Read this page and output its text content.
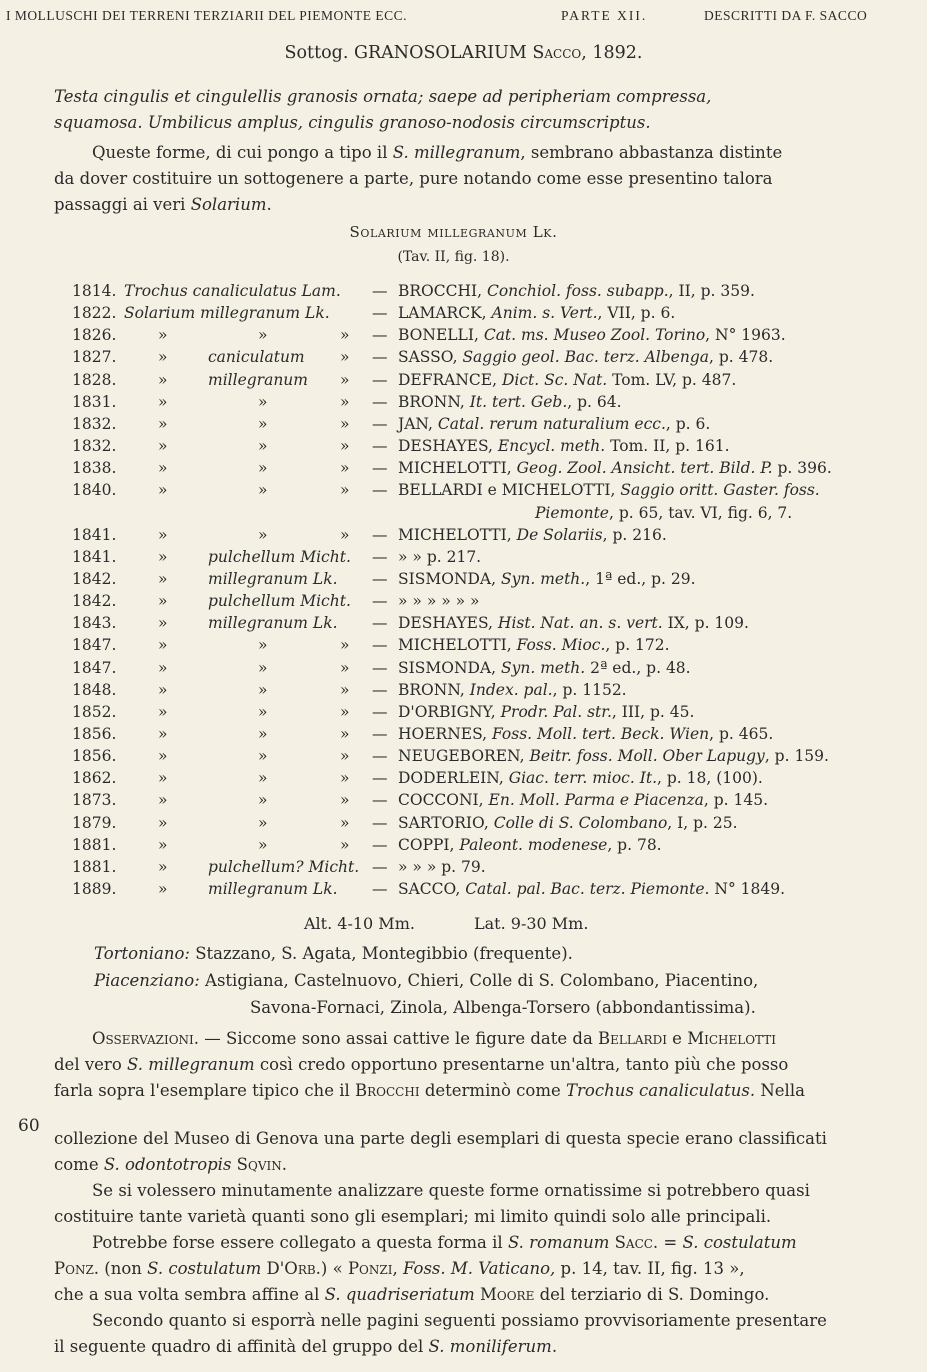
I MOLLUSCHI DEI TERRENI TERZIARII DEL PIEMONTE ECC.	PARTE XII.	DESCRITTI DA F. SACCO
Sottog. GRANOSOLARIUM Sacco, 1892.
Testa cingulis et cingulellis granosis ornata; saepe ad peripheriam compressa,
squamosa. Umbilicus amplus, cingulis granoso-nodosis circumscriptus.
Queste forme, di cui pongo a tipo il S. millegranum, sembrano abbastanza distinte
da dover costituire un sottogenere a parte, pure notando come esse presentino talora
passaggi ai veri Solarium.
Solarium millegranum Lk.
(Tav. II, fig. 18).
1814. Trochus canaliculatus Lam. — BROCCHI, Conchiol. foss. subapp., II, p. 359.
1822. Solarium millegranum Lk.	— LAMARCK, Anim. s. Vert., VII, p. 6.
1826.	»	»	» — BONELLI, Cat. ms. Museo Zool. Torino, N° 1963.
1827.	»	caniculatum » — SASSO, Saggio geol. Bac. terz. Albenga, p. 478.
1828.	»	millegranum » — DEFRANCE, Dict. Sc. Nat. Tom. LV, p. 487.
1831.	»	»	» — BRONN, It. tert. Geb., p. 64.
1832.	»	»	» — JAN, Catal. rerum naturalium ecc., p. 6.
1832.	»	»	» — DESHAYES, Encycl. meth. Tom. II, p. 161.
1838.	»	»	» — MICHELOTTI, Geog. Zool. Ansicht. tert. Bild. P. p. 396.
1840.	»	»	» — BELLARDI e MICHELOTTI, Saggio oritt. Gaster. foss.
Piemonte, p. 65, tav. VI, fig. 6, 7.
1841.	»	»	» — MICHELOTTI, De Solariis, p. 216.
1841.	»	pulchellum Micht. — » » p. 217.
1842.	»	millegranum Lk. — SISMONDA, Syn. meth., 1ª ed., p. 29.
1842.	»	pulchellum Micht. — » » » » » »
1843.	»	millegranum Lk. — DESHAYES, Hist. Nat. an. s. vert. IX, p. 109.
1847.	»	»	» — MICHELOTTI, Foss. Mioc., p. 172.
1847.	»	»	» — SISMONDA, Syn. meth. 2ª ed., p. 48.
1848.	»	»	» — BRONN, Index. pal., p. 1152.
1852.	»	»	» — D'ORBIGNY, Prodr. Pal. str., III, p. 45.
1856.	»	»	» — HOERNES, Foss. Moll. tert. Beck. Wien, p. 465.
1856.	»	»	» — NEUGEBOREN, Beitr. foss. Moll. Ober Lapugy, p. 159.
1862.	»	»	» — DODERLEIN, Giac. terr. mioc. It., p. 18, (100).
1873.	»	»	» — COCCONI, En. Moll. Parma e Piacenza, p. 145.
1879.	»	»	» — SARTORIO, Colle di S. Colombano, I, p. 25.
1881.	»	»	» — COPPI, Paleont. modenese, p. 78.
1881.	»	pulchellum? Micht. — » » » p. 79.
1889.	»	millegranum Lk. — SACCO, Catal. pal. Bac. terz. Piemonte. N° 1849.
Alt. 4-10 Mm.	Lat. 9-30 Mm.
Tortoniano: Stazzano, S. Agata, Montegibbio (frequente).
Piacenziano: Astigiana, Castelnuovo, Chieri, Colle di S. Colombano, Piacentino,
Savona-Fornaci, Zinola, Albenga-Torsero (abbondantissima).
Osservazioni. — Siccome sono assai cattive le figure date da Bellardi e Michelotti
del vero S. millegranum così credo opportuno presentarne un'altra, tanto più che posso
farla sopra l'esemplare tipico che il Brocchi determinò come Trochus canaliculatus. Nella
60
collezione del Museo di Genova una parte degli esemplari di questa specie erano classificati
come S. odontotropis Sqvin.
Se si volessero minutamente analizzare queste forme ornatissime si potrebbero quasi
costituire tante varietà quanti sono gli esemplari; mi limito quindi solo alle principali.
Potrebbe forse essere collegato a questa forma il S. romanum Sacc. = S. costulatum
Ponz. (non S. costulatum D'Orb.) « Ponzi, Foss. M. Vaticano, p. 14, tav. II, fig. 13 »,
che a sua volta sembra affine al S. quadriseriatum Moore del terziario di S. Domingo.
Secondo quanto si esporrà nelle pagini seguenti possiamo provvisoriamente presentare
il seguente quadro di affinità del gruppo del S. moniliferum.
